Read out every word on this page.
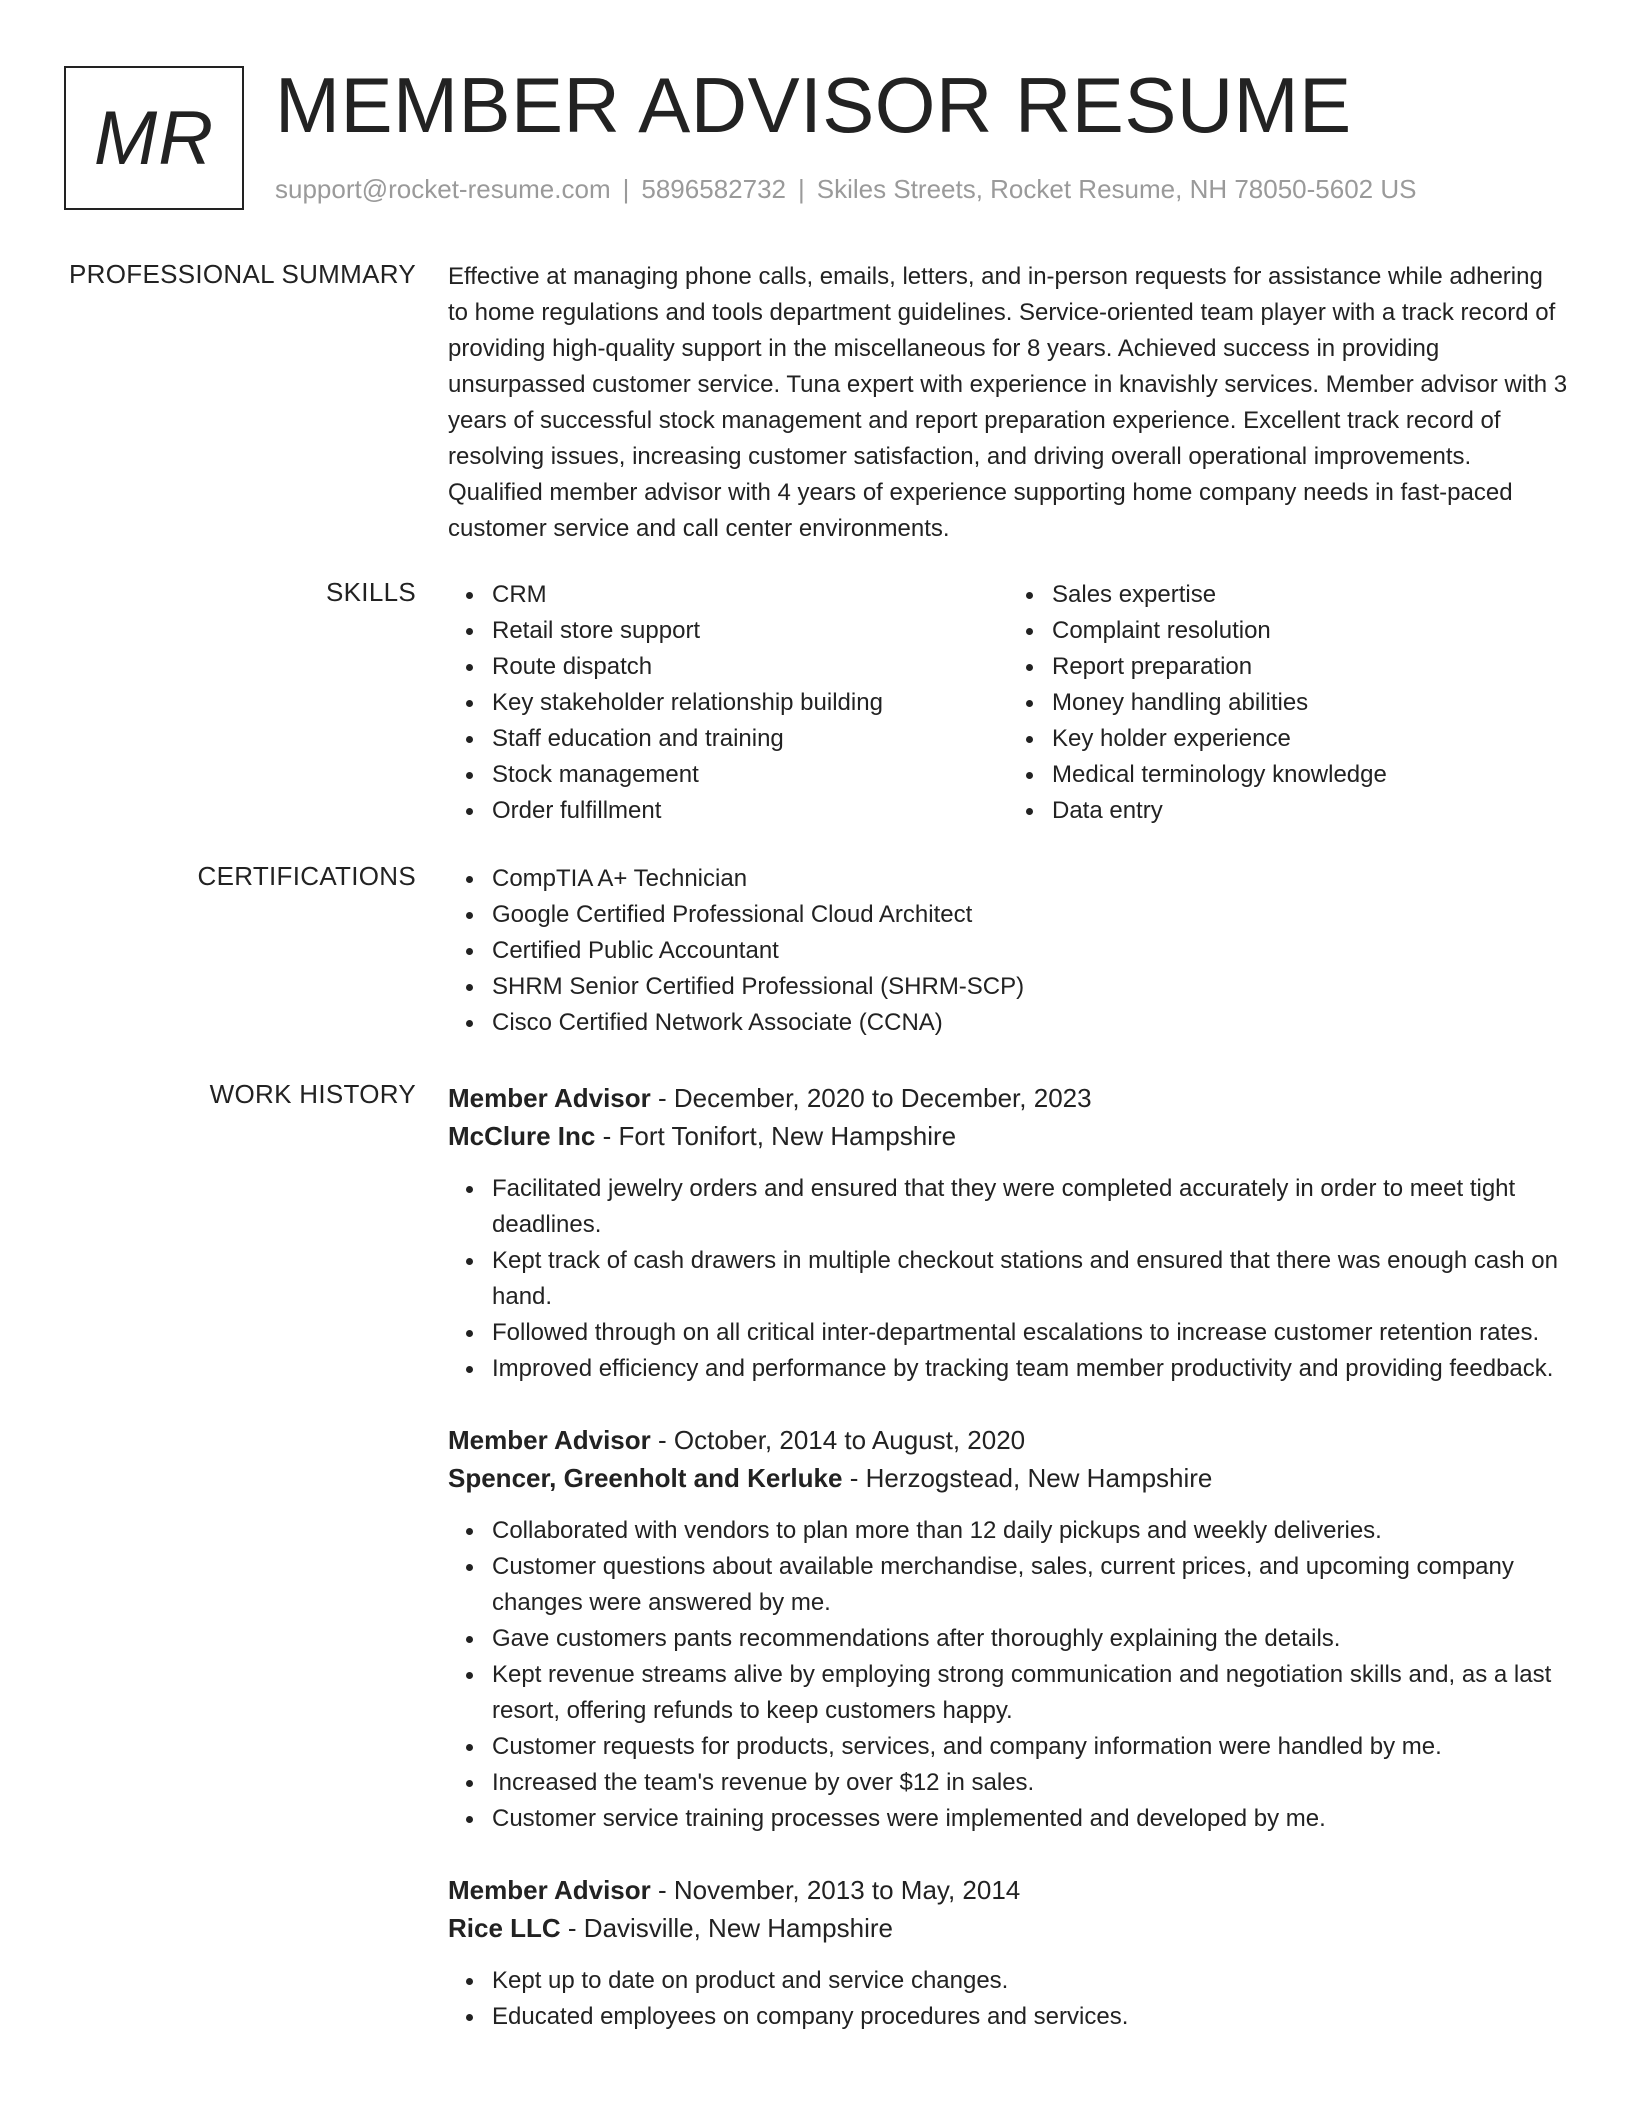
MR MEMBER ADVISOR RESUME
support@rocket-resume.com | 5896582732 | Skiles Streets, Rocket Resume, NH 78050-5602 US
PROFESSIONAL SUMMARY Effective at managing phone calls, emails, letters, and in-person requests for assistance while adhering to home regulations and tools department guidelines. Service-oriented team player with a track record of providing high-quality support in the miscellaneous for 8 years. Achieved success in providing unsurpassed customer service. Tuna expert with experience in knavishly services. Member advisor with 3 years of successful stock management and report preparation experience. Excellent track record of resolving issues, increasing customer satisfaction, and driving overall operational improvements. Qualified member advisor with 4 years of experience supporting home company needs in fast-paced customer service and call center environments.

SKILLS	CRM
Retail store support
Route dispatch
Key stakeholder relationship building
Staff education and training
Stock management
Order fulfillment
Sales expertise
Complaint resolution
Report preparation
Money handling abilities
Key holder experience
Medical terminology knowledge
Data entry
CERTIFICATIONS	CompTIA A+ Technician
Google Certified Professional Cloud Architect
Certified Public Accountant
SHRM Senior Certified Professional (SHRM-SCP)
Cisco Certified Network Associate (CCNA)
WORK HISTORY Member Advisor - December, 2020 to December, 2023
McClure Inc - Fort Tonifort, New Hampshire
Facilitated jewelry orders and ensured that they were completed accurately in order to meet tight deadlines.
Kept track of cash drawers in multiple checkout stations and ensured that there was enough cash on hand.
Followed through on all critical inter-departmental escalations to increase customer retention rates.
Improved efficiency and performance by tracking team member productivity and providing feedback.
Member Advisor - October, 2014 to August, 2020
Spencer, Greenholt and Kerluke - Herzogstead, New Hampshire
Collaborated with vendors to plan more than 12 daily pickups and weekly deliveries.
Customer questions about available merchandise, sales, current prices, and upcoming company changes were answered by me.
Gave customers pants recommendations after thoroughly explaining the details.
Kept revenue streams alive by employing strong communication and negotiation skills and, as a last resort, offering refunds to keep customers happy.
Customer requests for products, services, and company information were handled by me.
Increased the team's revenue by over $12 in sales.
Customer service training processes were implemented and developed by me.
Member Advisor - November, 2013 to May, 2014
Rice LLC - Davisville, New Hampshire
Kept up to date on product and service changes.
Educated employees on company procedures and services.
